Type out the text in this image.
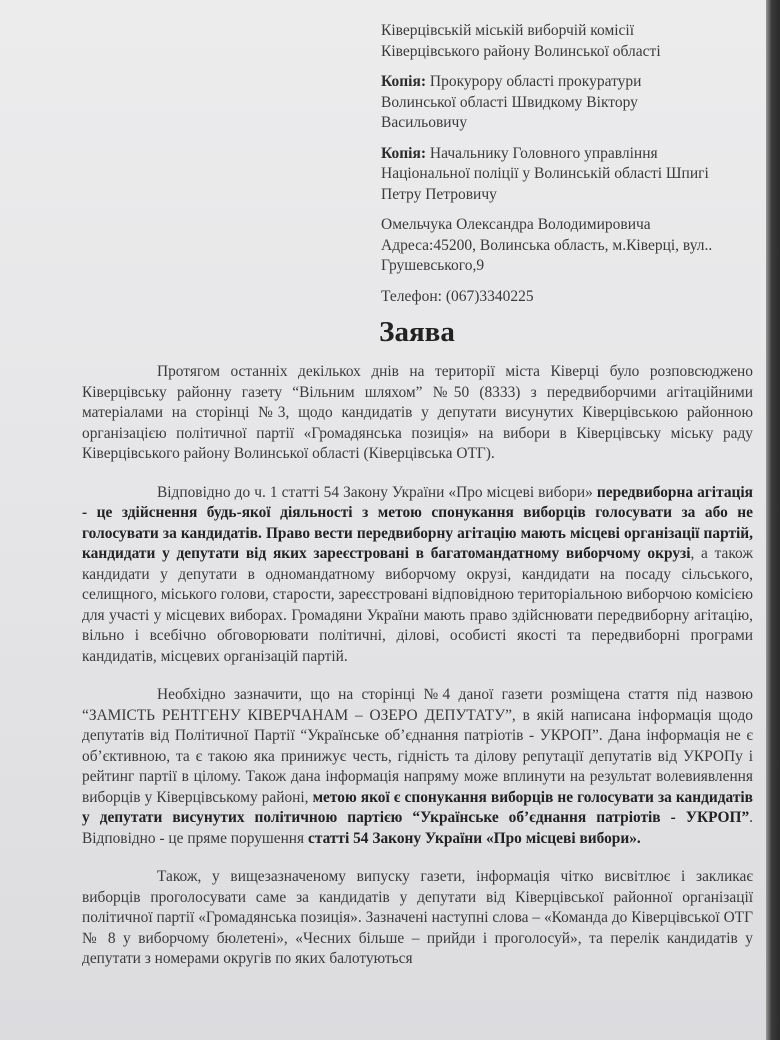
Ківерцівській міській виборчій комісії
Ківерцівського району Волинської області

Копія: Прокурору області прокуратури
Волинської області Швидкому Віктору
Васильовичу

Копія: Начальнику Головного управління
Національної поліції у Волинській області Шпигі
Петру Петровичу

Омельчука Олександра Володимировича
Адреса:45200, Волинська область, м.Ківерці, вул..
Грушевського,9

Телефон: (067)3340225

Заява

Протягом останніх декількох днів на території міста Ківерці було розповсюджено Ківерцівську районну газету “Вільним шляхом” №50 (8333) з передвиборчими агітаційними матеріалами на сторінці №3, щодо кандидатів у депутати висунутих Ківерцівською районною організацією політичної партії «Громадянська позиція» на вибори в Ківерцівську міську раду Ківерцівського району Волинської області (Ківерцівська ОТГ).

Відповідно до ч. 1 статті 54 Закону України «Про місцеві вибори» передвиборна агітація - це здійснення будь-якої діяльності з метою спонукання виборців голосувати за або не голосувати за кандидатів. Право вести передвиборну агітацію мають місцеві організації партій, кандидати у депутати від яких зареєстровані в багатомандатному виборчому окрузі, а також кандидати у депутати в одномандатному виборчому окрузі, кандидати на посаду сільського, селищного, міського голови, старости, зареєстровані відповідною територіальною виборчою комісією для участі у місцевих виборах. Громадяни України мають право здійснювати передвиборну агітацію, вільно і всебічно обговорювати політичні, ділові, особисті якості та передвиборні програми кандидатів, місцевих організацій партій.

Необхідно зазначити, що на сторінці №4 даної газети розміщена стаття під назвою “ЗАМІСТЬ РЕНТГЕНУ КІВЕРЧАНАМ – ОЗЕРО ДЕПУТАТУ”, в якій написана інформація щодо депутатів від Політичної Партії “Українське об’єднання патріотів - УКРОП”. Дана інформація не є об’єктивною, та є такою яка принижує честь, гідність та ділову репутації депутатів від УКРОПу і рейтинг партії в цілому. Також дана інформація напряму може вплинути на результат волевиявлення виборців у Ківерцівському районі, метою якої є спонукання виборців не голосувати за кандидатів у депутати висунутих політичною партією “Українське об’єднання патріотів - УКРОП”. Відповідно - це пряме порушення статті 54 Закону України «Про місцеві вибори».

Також, у вищезазначеному випуску газети, інформація чітко висвітлює і закликає виборців проголосувати саме за кандидатів у депутати від Ківерцівської районної організації політичної партії «Громадянська позиція». Зазначені наступні слова – «Команда до Ківерцівської ОТГ № 8 у виборчому бюлетені», «Чесних більше – прийди і проголосуй», та перелік кандидатів у депутати з номерами округів по яких балотуються
